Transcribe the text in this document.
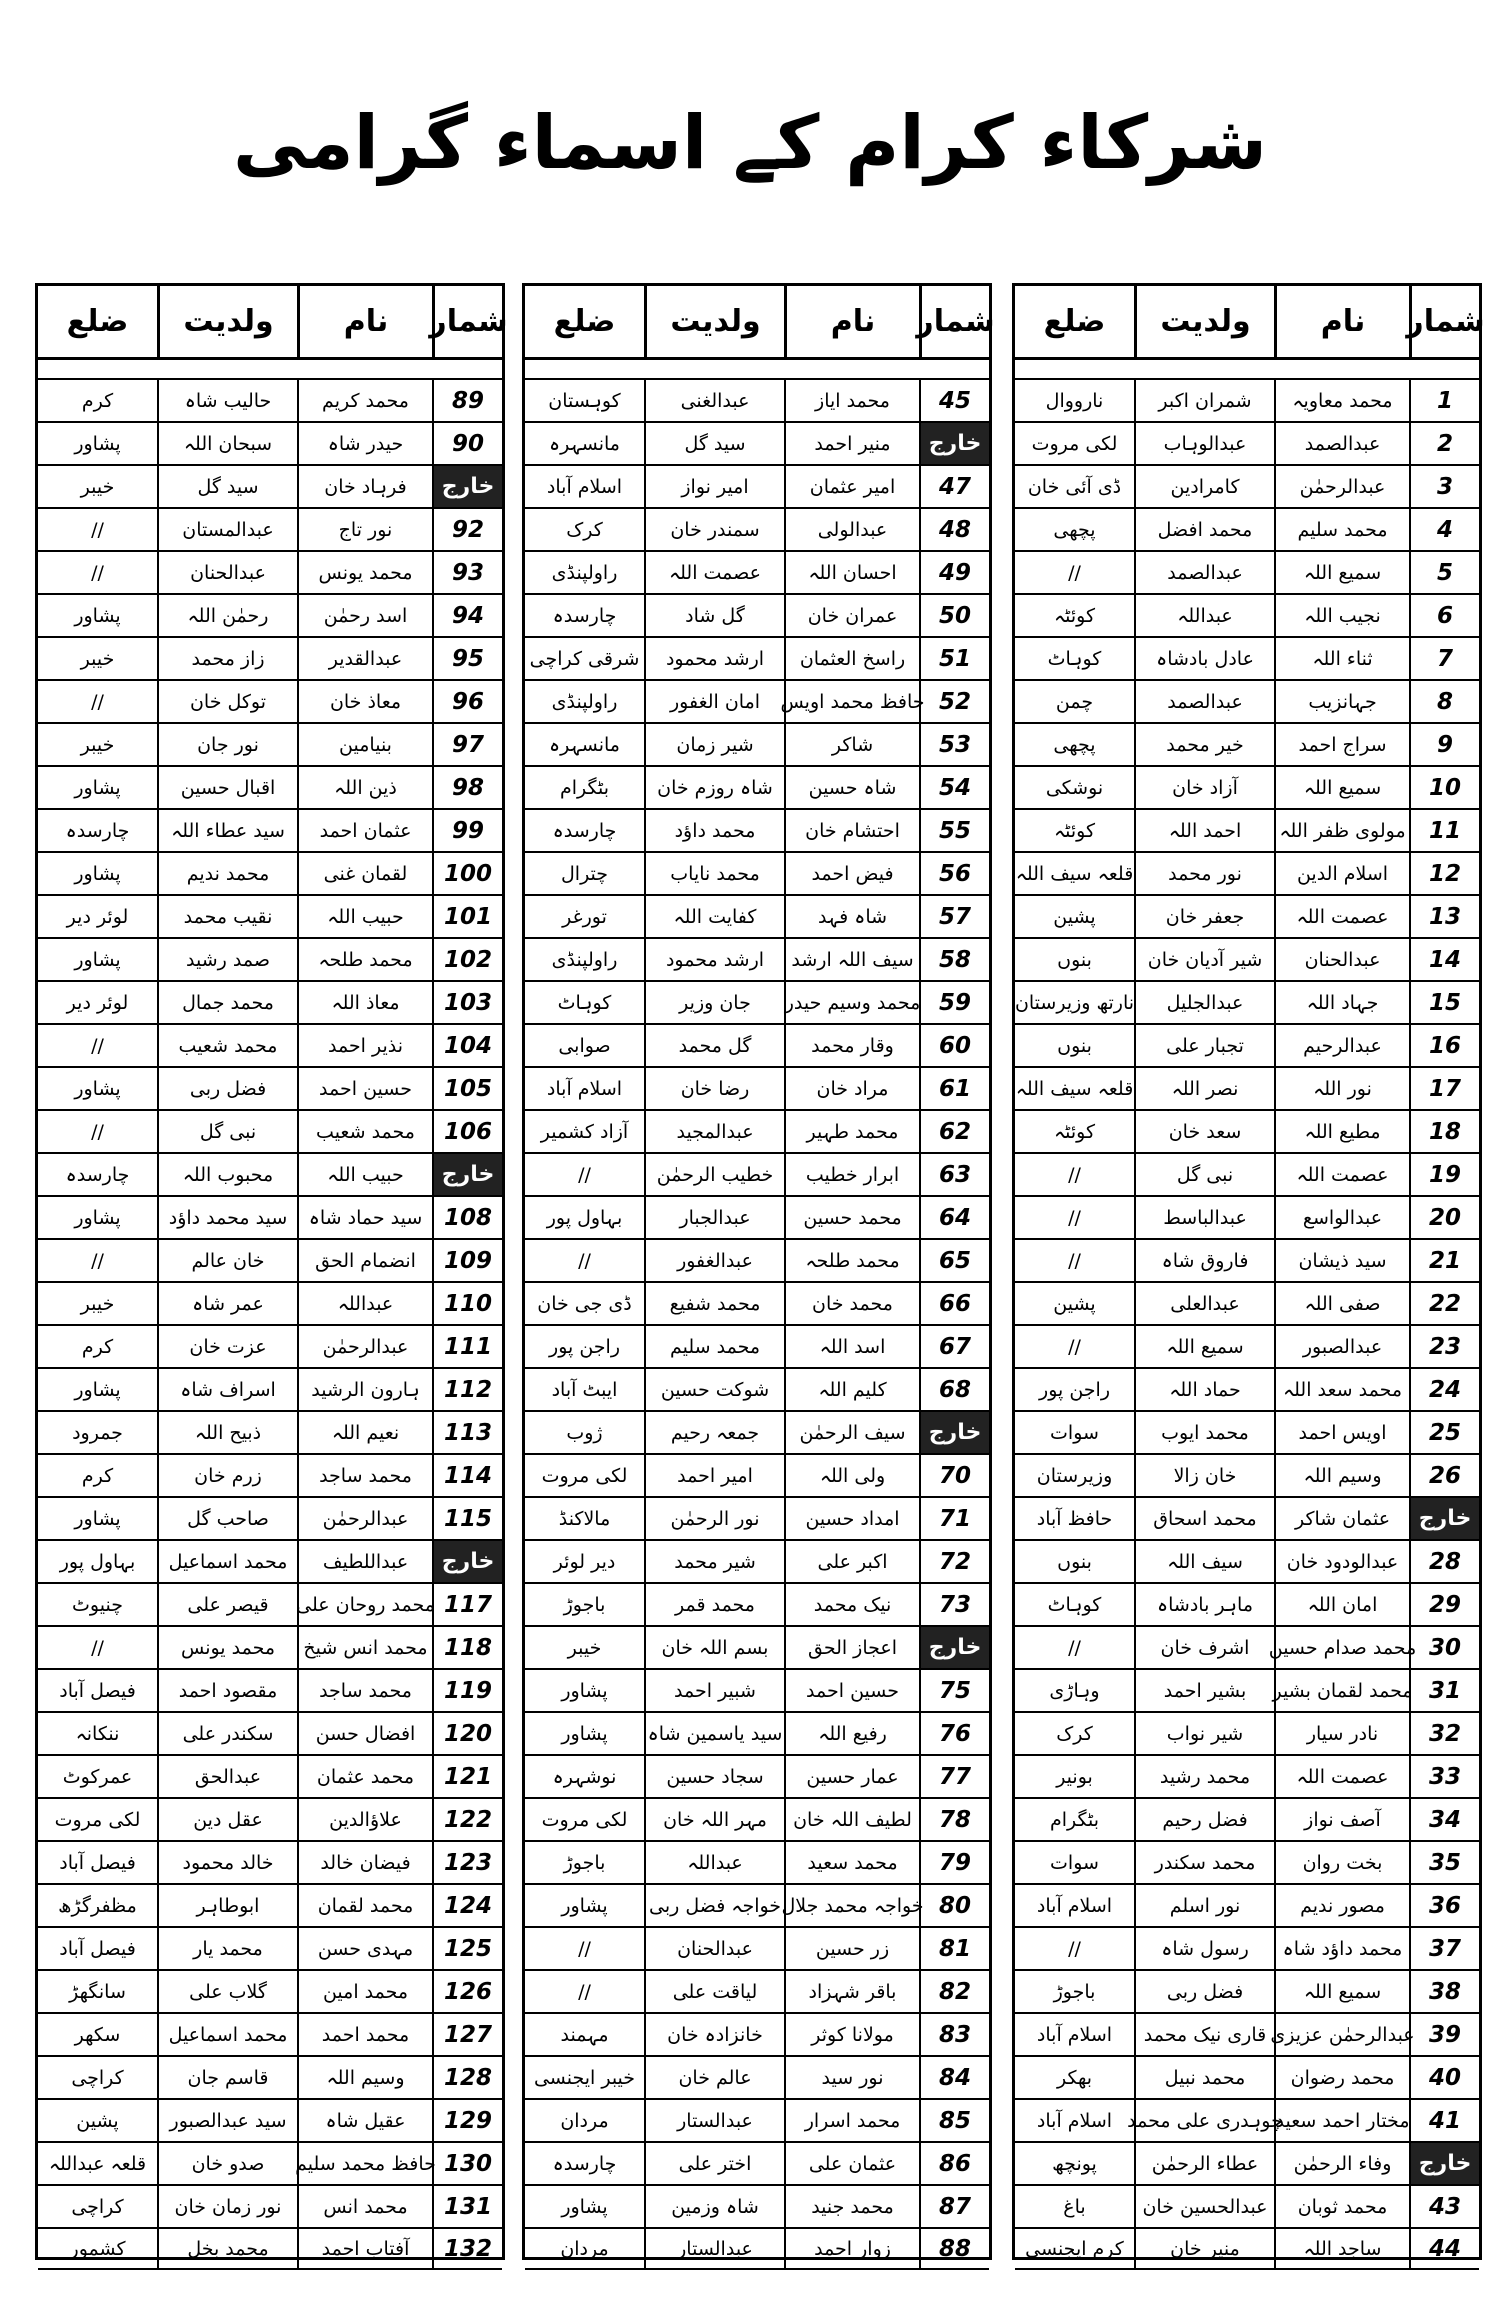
شرکاء کرام کے اسماء گرامی
شمار
نام
ولدیت
ضلع
1
محمد معاویہ
شمران اکبر
نارووال
2
عبدالصمد
عبدالوہاب
لکی مروت
3
عبدالرحمٰن
کامرادین
ڈی آئی خان
4
محمد سلیم
محمد افضل
پچھی
5
سمیع اللہ
عبدالصمد
//
6
نجیب اللہ
عبداللہ
کوئٹہ
7
ثناء اللہ
عادل بادشاہ
کوہاٹ
8
جہانزیب
عبدالصمد
چمن
9
سراج احمد
خیر محمد
پچھی
10
سمیع اللہ
آزاد خان
نوشکی
11
مولوی ظفر اللہ
احمد اللہ
کوئٹہ
12
اسلام الدین
نور محمد
قلعہ سیف اللہ
13
عصمت اللہ
جعفر خان
پشین
14
عبدالحنان
شیر آدیان خان
بنوں
15
جہاد اللہ
عبدالجلیل
نارتھ وزیرستان
16
عبدالرحیم
تجبار علی
بنوں
17
نور اللہ
نصر اللہ
قلعہ سیف اللہ
18
مطیع اللہ
سعد خان
کوئٹہ
19
عصمت اللہ
نبی گل
//
20
عبدالواسع
عبدالباسط
//
21
سید ذیشان
فاروق شاہ
//
22
صفی اللہ
عبدالعلی
پشین
23
عبدالصبور
سمیع اللہ
//
24
محمد سعد اللہ
حماد اللہ
راجن پور
25
اویس احمد
محمد ایوب
سوات
26
وسیم اللہ
خان زالا
وزیرستان
خارج
عثمان شاکر
محمد اسحاق
حافظ آباد
28
عبدالودود خان
سیف اللہ
بنوں
29
امان اللہ
ماہر بادشاہ
کوہاٹ
30
محمد صدام حسین
اشرف خان
//
31
محمد لقمان بشیر
بشیر احمد
وہاڑی
32
نادر سیار
شیر نواب
کرک
33
عصمت اللہ
محمد رشید
بونیر
34
آصف نواز
فضل رحیم
بٹگرام
35
بخت روان
محمد سکندر
سوات
36
مصور ندیم
نور اسلم
اسلام آباد
37
محمد داؤد شاہ
رسول شاہ
//
38
سمیع اللہ
فضل ربی
باجوڑ
39
عبدالرحمٰن عزیزی
قاری نیک محمد
اسلام آباد
40
محمد رضوان
محمد نبیل
بھکر
41
مختار احمد سعید
چوہدری علی محمد
اسلام آباد
خارج
وفاء الرحمٰن
عطاء الرحمٰن
پونچھ
43
محمد ثوبان
عبدالحسین خان
باغ
44
ساجد اللہ
منیر خان
کرم ایجنسی
شمار
نام
ولدیت
ضلع
45
محمد ایاز
عبدالغنی
کوہستان
خارج
منیر احمد
سید گل
مانسہرہ
47
امیر عثمان
امیر نواز
اسلام آباد
48
عبدالولی
سمندر خان
کرک
49
احسان اللہ
عصمت اللہ
راولپنڈی
50
عمران خان
گل شاد
چارسدہ
51
راسخ العثمان
ارشد محمود
شرقی کراچی
52
حافظ محمد اویس
امان الغفور
راولپنڈی
53
شاکر
شیر زمان
مانسہرہ
54
شاہ حسین
شاہ روزم خان
بٹگرام
55
احتشام خان
محمد داؤد
چارسدہ
56
فیض احمد
محمد نایاب
چترال
57
شاہ فہد
کفایت اللہ
تورغر
58
سیف اللہ ارشد
ارشد محمود
راولپنڈی
59
محمد وسیم حیدر
جان وزیر
کوہاٹ
60
وقار محمد
گل محمد
صوابی
61
مراد خان
رضا خان
اسلام آباد
62
محمد طہیر
عبدالمجید
آزاد کشمیر
63
ابرار خطیب
خطیب الرحمٰن
//
64
محمد حسین
عبدالجبار
بہاول پور
65
محمد طلحہ
عبدالغفور
//
66
محمد خان
محمد شفیع
ڈی جی خان
67
اسد اللہ
محمد سلیم
راجن پور
68
کلیم اللہ
شوکت حسین
ایبٹ آباد
خارج
سیف الرحمٰن
جمعہ رحیم
ژوب
70
ولی اللہ
امیر احمد
لکی مروت
71
امداد حسین
نور الرحمٰن
مالاکنڈ
72
اکبر علی
شیر محمد
دیر لوئر
73
نیک محمد
محمد قمر
باجوڑ
خارج
اعجاز الحق
بسم اللہ خان
خیبر
75
حسین احمد
شبیر احمد
پشاور
76
رفیع اللہ
سید یاسمین شاہ
پشاور
77
عمار حسین
سجاد حسین
نوشہرہ
78
لطیف اللہ خان
مہر اللہ خان
لکی مروت
79
محمد سعید
عبداللہ
باجوڑ
80
خواجہ محمد جلال
خواجہ فضل ربی
پشاور
81
زر حسین
عبدالحنان
//
82
باقر شہزاد
لیاقت علی
//
83
مولانا کوثر
خانزادہ خان
مہمند
84
نور سید
عالم خان
خیبر ایجنسی
85
محمد اسرار
عبدالستار
مردان
86
عثمان علی
اختر علی
چارسدہ
87
محمد جنید
شاہ وزمین
پشاور
88
زوار احمد
عبدالستار
مردان
شمار
نام
ولدیت
ضلع
89
محمد کریم
حالیب شاہ
کرم
90
حیدر شاہ
سبحان اللہ
پشاور
خارج
فرہاد خان
سید گل
خیبر
92
نور تاج
عبدالمستان
//
93
محمد یونس
عبدالحنان
//
94
اسد رحمٰن
رحمٰن اللہ
پشاور
95
عبدالقدیر
زاز محمد
خیبر
96
معاذ خان
توکل خان
//
97
بنیامین
نور جان
خیبر
98
ذین اللہ
اقبال حسین
پشاور
99
عثمان احمد
سید عطاء اللہ
چارسدہ
100
لقمان غنی
محمد ندیم
پشاور
101
حبیب اللہ
نقیب محمد
لوئر دیر
102
محمد طلحہ
صمد رشید
پشاور
103
معاذ اللہ
محمد جمال
لوئر دیر
104
نذیر احمد
محمد شعیب
//
105
حسین احمد
فضل ربی
پشاور
106
محمد شعیب
نبی گل
//
خارج
حبیب اللہ
محبوب اللہ
چارسدہ
108
سید حماد شاہ
سید محمد داؤد
پشاور
109
انضمام الحق
خان عالم
//
110
عبداللہ
عمر شاہ
خیبر
111
عبدالرحمٰن
عزت خان
کرم
112
ہارون الرشید
اسراف شاہ
پشاور
113
نعیم اللہ
ذبیح اللہ
جمرود
114
محمد ساجد
زرم خان
کرم
115
عبدالرحمٰن
صاحب گل
پشاور
خارج
عبداللطیف
محمد اسماعیل
بہاول پور
117
محمد روحان علی
قیصر علی
چنیوٹ
118
محمد انس شیخ
محمد یونس
//
119
محمد ساجد
مقصود احمد
فیصل آباد
120
افضال حسن
سکندر علی
ننکانہ
121
محمد عثمان
عبدالحق
عمرکوٹ
122
علاؤالدین
عقل دین
لکی مروت
123
فیضان خالد
خالد محمود
فیصل آباد
124
محمد لقمان
ابوطاہر
مظفرگڑھ
125
مہدی حسن
محمد یار
فیصل آباد
126
محمد امین
گلاب علی
سانگھڑ
127
محمد احمد
محمد اسماعیل
سکھر
128
وسیم اللہ
قاسم جان
کراچی
129
عقیل شاہ
سید عبدالصبور
پشین
130
حافظ محمد سلیم
صدو خان
قلعہ عبداللہ
131
محمد انس
نور زمان خان
کراچی
132
آفتاب احمد
محمد بخل
کشمور
